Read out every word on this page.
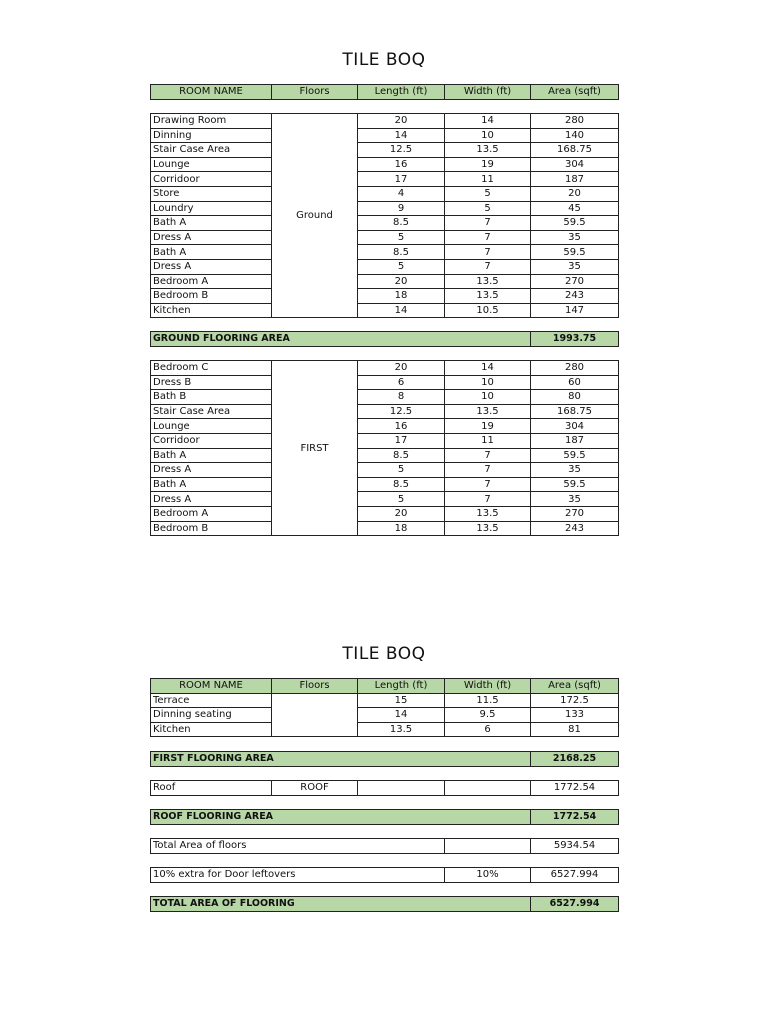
TILE BOQ
ROOM NAME	Floors	Length (ft)	Width (ft)	Area (sqft)
Drawing Room	Ground	20	14	280
Dinning		14	10	140
Stair Case Area		12.5	13.5	168.75
Lounge		16	19	304
Corridoor		17	11	187
Store		4	5	20
Loundry		9	5	45
Bath A		8.5	7	59.5
Dress A		5	7	35
Bath A		8.5	7	59.5
Dress A		5	7	35
Bedroom A		20	13.5	270
Bedroom B		18	13.5	243
Kitchen		14	10.5	147
GROUND FLOORING AREA	1993.75
Bedroom C	FIRST	20	14	280
Dress B		6	10	60
Bath B		8	10	80
Stair Case Area		12.5	13.5	168.75
Lounge		16	19	304
Corridoor		17	11	187
Bath A		8.5	7	59.5
Dress A		5	7	35
Bath A		8.5	7	59.5
Dress A		5	7	35
Bedroom A		20	13.5	270
Bedroom B		18	13.5	243
TILE BOQ
ROOM NAME	Floors	Length (ft)	Width (ft)	Area (sqft)
Terrace		15	11.5	172.5
Dinning seating		14	9.5	133
Kitchen		13.5	6	81
FIRST FLOORING AREA	2168.25
Roof	ROOF			1772.54
ROOF FLOORING AREA	1772.54
Total Area of floors		5934.54
10% extra for Door leftovers	10%	6527.994
TOTAL AREA OF FLOORING	6527.994
